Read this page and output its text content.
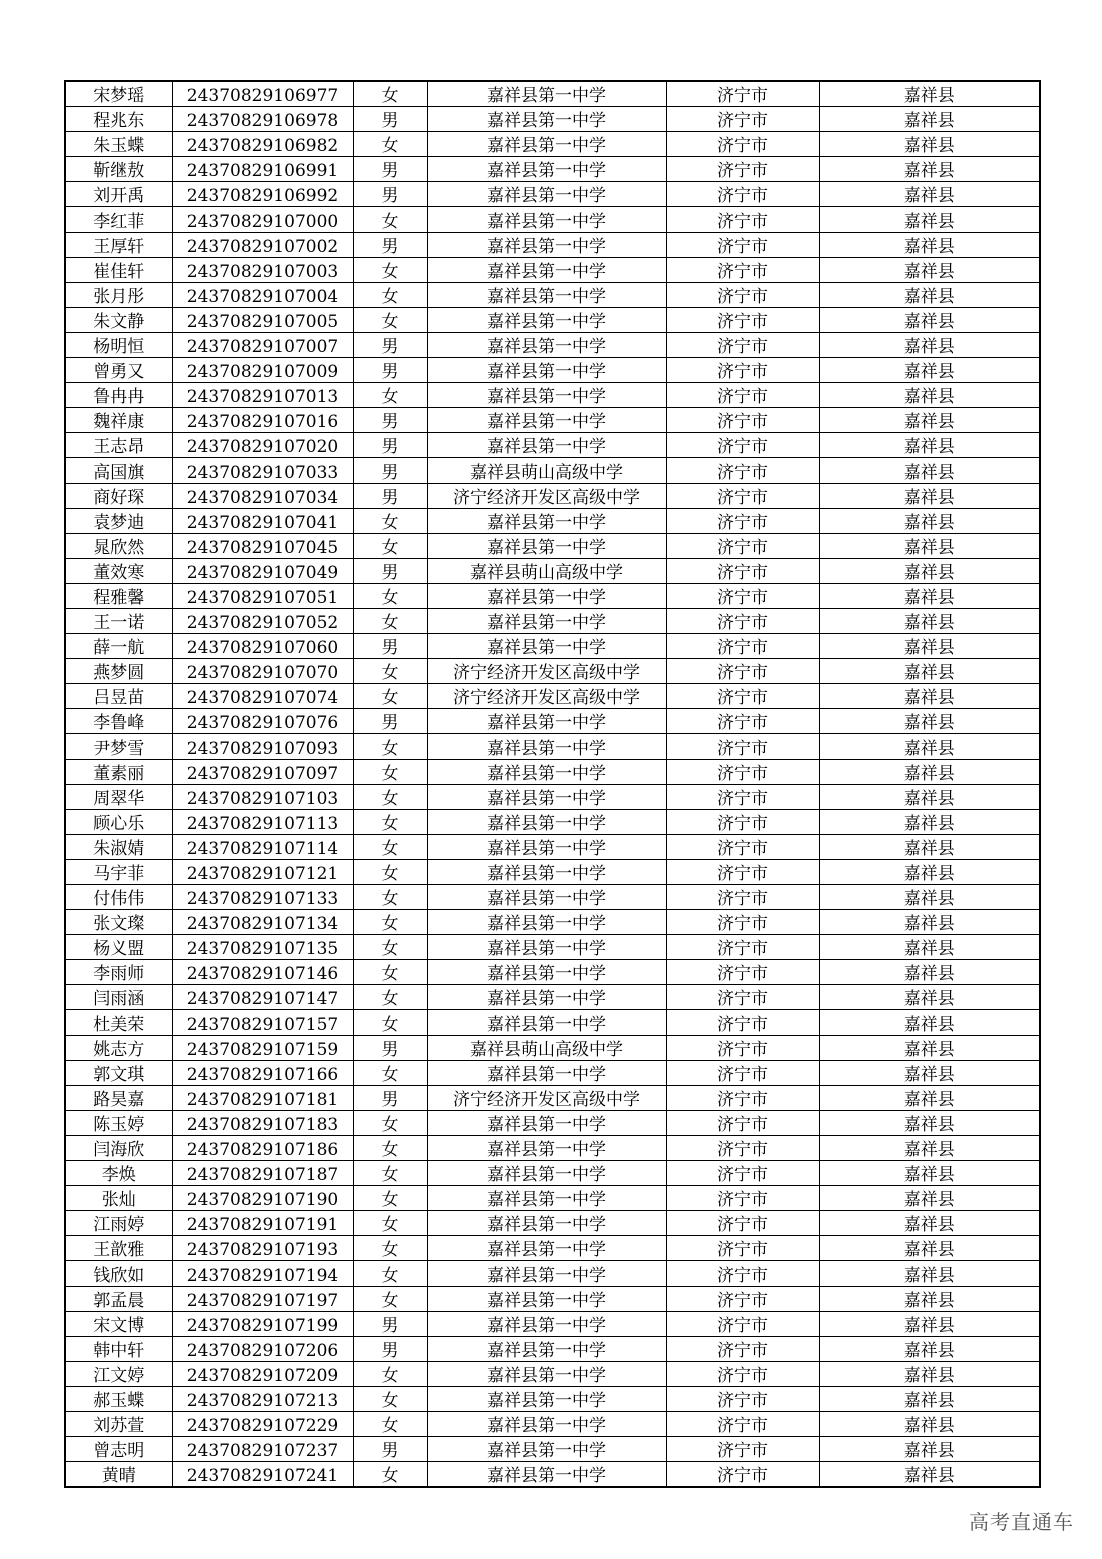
宋梦瑶	24370829106977	女	嘉祥县第一中学	济宁市	嘉祥县
程兆东	24370829106978	男	嘉祥县第一中学	济宁市	嘉祥县
朱玉蝶	24370829106982	女	嘉祥县第一中学	济宁市	嘉祥县
靳继敖	24370829106991	男	嘉祥县第一中学	济宁市	嘉祥县
刘开禹	24370829106992	男	嘉祥县第一中学	济宁市	嘉祥县
李红菲	24370829107000	女	嘉祥县第一中学	济宁市	嘉祥县
王厚轩	24370829107002	男	嘉祥县第一中学	济宁市	嘉祥县
崔佳轩	24370829107003	女	嘉祥县第一中学	济宁市	嘉祥县
张月彤	24370829107004	女	嘉祥县第一中学	济宁市	嘉祥县
朱文静	24370829107005	女	嘉祥县第一中学	济宁市	嘉祥县
杨明恒	24370829107007	男	嘉祥县第一中学	济宁市	嘉祥县
曾勇又	24370829107009	男	嘉祥县第一中学	济宁市	嘉祥县
鲁冉冉	24370829107013	女	嘉祥县第一中学	济宁市	嘉祥县
魏祥康	24370829107016	男	嘉祥县第一中学	济宁市	嘉祥县
王志昂	24370829107020	男	嘉祥县第一中学	济宁市	嘉祥县
高国旗	24370829107033	男	嘉祥县萌山高级中学	济宁市	嘉祥县
商好琛	24370829107034	男	济宁经济开发区高级中学	济宁市	嘉祥县
袁梦迪	24370829107041	女	嘉祥县第一中学	济宁市	嘉祥县
晁欣然	24370829107045	女	嘉祥县第一中学	济宁市	嘉祥县
董效寒	24370829107049	男	嘉祥县萌山高级中学	济宁市	嘉祥县
程雅馨	24370829107051	女	嘉祥县第一中学	济宁市	嘉祥县
王一诺	24370829107052	女	嘉祥县第一中学	济宁市	嘉祥县
薛一航	24370829107060	男	嘉祥县第一中学	济宁市	嘉祥县
燕梦圆	24370829107070	女	济宁经济开发区高级中学	济宁市	嘉祥县
吕昱苗	24370829107074	女	济宁经济开发区高级中学	济宁市	嘉祥县
李鲁峰	24370829107076	男	嘉祥县第一中学	济宁市	嘉祥县
尹梦雪	24370829107093	女	嘉祥县第一中学	济宁市	嘉祥县
董素丽	24370829107097	女	嘉祥县第一中学	济宁市	嘉祥县
周翠华	24370829107103	女	嘉祥县第一中学	济宁市	嘉祥县
顾心乐	24370829107113	女	嘉祥县第一中学	济宁市	嘉祥县
朱淑婧	24370829107114	女	嘉祥县第一中学	济宁市	嘉祥县
马宇菲	24370829107121	女	嘉祥县第一中学	济宁市	嘉祥县
付伟伟	24370829107133	女	嘉祥县第一中学	济宁市	嘉祥县
张文璨	24370829107134	女	嘉祥县第一中学	济宁市	嘉祥县
杨义盟	24370829107135	女	嘉祥县第一中学	济宁市	嘉祥县
李雨师	24370829107146	女	嘉祥县第一中学	济宁市	嘉祥县
闫雨涵	24370829107147	女	嘉祥县第一中学	济宁市	嘉祥县
杜美荣	24370829107157	女	嘉祥县第一中学	济宁市	嘉祥县
姚志方	24370829107159	男	嘉祥县萌山高级中学	济宁市	嘉祥县
郭文琪	24370829107166	女	嘉祥县第一中学	济宁市	嘉祥县
路昊嘉	24370829107181	男	济宁经济开发区高级中学	济宁市	嘉祥县
陈玉婷	24370829107183	女	嘉祥县第一中学	济宁市	嘉祥县
闫海欣	24370829107186	女	嘉祥县第一中学	济宁市	嘉祥县
李焕	24370829107187	女	嘉祥县第一中学	济宁市	嘉祥县
张灿	24370829107190	女	嘉祥县第一中学	济宁市	嘉祥县
江雨婷	24370829107191	女	嘉祥县第一中学	济宁市	嘉祥县
王歆雅	24370829107193	女	嘉祥县第一中学	济宁市	嘉祥县
钱欣如	24370829107194	女	嘉祥县第一中学	济宁市	嘉祥县
郭孟晨	24370829107197	女	嘉祥县第一中学	济宁市	嘉祥县
宋文博	24370829107199	男	嘉祥县第一中学	济宁市	嘉祥县
韩中轩	24370829107206	男	嘉祥县第一中学	济宁市	嘉祥县
江文婷	24370829107209	女	嘉祥县第一中学	济宁市	嘉祥县
郝玉蝶	24370829107213	女	嘉祥县第一中学	济宁市	嘉祥县
刘苏萱	24370829107229	女	嘉祥县第一中学	济宁市	嘉祥县
曾志明	24370829107237	男	嘉祥县第一中学	济宁市	嘉祥县
黄晴	24370829107241	女	嘉祥县第一中学	济宁市	嘉祥县
高考直通车
